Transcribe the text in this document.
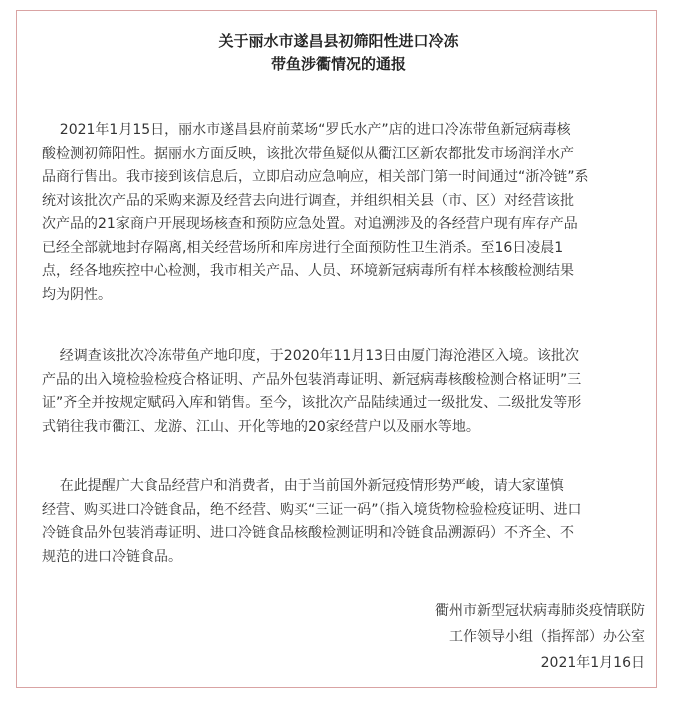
关于丽水市遂昌县初筛阳性进口冷冻
带鱼涉衢情况的通报
2021年1月15日，丽水市遂昌县府前菜场“罗氏水产”店的进口冷冻带鱼新冠病毒核
酸检测初筛阳性。据丽水方面反映，该批次带鱼疑似从衢江区新农都批发市场润洋水产
品商行售出。我市接到该信息后，立即启动应急响应，相关部门第一时间通过“浙冷链”系
统对该批次产品的采购来源及经营去向进行调查，并组织相关县（市、区）对经营该批
次产品的21家商户开展现场核查和预防应急处置。对追溯涉及的各经营户现有库存产品
已经全部就地封存隔离,相关经营场所和库房进行全面预防性卫生消杀。至16日凌晨1
点，经各地疾控中心检测，我市相关产品、人员、环境新冠病毒所有样本核酸检测结果
均为阴性。
经调查该批次冷冻带鱼产地印度，于2020年11月13日由厦门海沧港区入境。该批次
产品的出入境检验检疫合格证明、产品外包装消毒证明、新冠病毒核酸检测合格证明”三
证”齐全并按规定赋码入库和销售。至今，该批次产品陆续通过一级批发、二级批发等形
式销往我市衢江、龙游、江山、开化等地的20家经营户以及丽水等地。
在此提醒广大食品经营户和消费者，由于当前国外新冠疫情形势严峻，请大家谨慎
经营、购买进口冷链食品，绝不经营、购买“三证一码”（指入境货物检验检疫证明、进口
冷链食品外包装消毒证明、进口冷链食品核酸检测证明和冷链食品溯源码）不齐全、不
规范的进口冷链食品。
衢州市新型冠状病毒肺炎疫情联防
工作领导小组（指挥部）办公室
2021年1月16日
